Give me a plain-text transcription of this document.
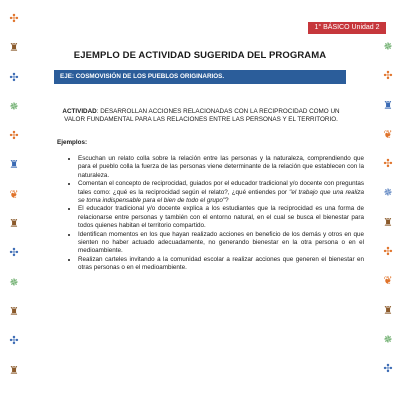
1° BÁSICO Unidad 2
✣
♜
✣
✵
✣
♜
❦
♜
✣
✵
♜
✣
♜
✵
✣
♜
❦
✣
✵
♜
✣
❦
♜
✵
✣
EJEMPLO DE ACTIVIDAD SUGERIDA DEL PROGRAMA
EJE: COSMOVISIÓN DE LOS PUEBLOS ORIGINARIOS.
ACTIVIDAD: DESARROLLAN ACCIONES RELACIONADAS CON LA RECIPROCIDAD COMO UN VALOR FUNDAMENTAL PARA LAS RELACIONES ENTRE LAS PERSONAS Y EL TERRITORIO.
Ejemplos:
• Escuchan un relato colla sobre la relación entre las personas y la naturaleza, comprendiendo que para el pueblo colla la fuerza de las personas viene determinante de la relación que establecen con la naturaleza.
• Comentan el concepto de reciprocidad, guiados por el educador tradicional y/o docente con preguntas tales como: ¿qué es la reciprocidad según el relato?, ¿qué entiendes por "el trabajo que una realiza se torna indispensable para el bien de todo el grupo"?
• El educador tradicional y/o docente explica a los estudiantes que la reciprocidad es una forma de relacionarse entre personas y también con el entorno natural, en el cual se busca el bienestar para todos quienes habitan el territorio compartido.
• Identifican momentos en los que hayan realizado acciones en beneficio de los demás y otros en que sienten no haber actuado adecuadamente, no generando bienestar en la otra persona o en el medioambiente.
• Realizan carteles invitando a la comunidad escolar a realizar acciones que generen el bienestar en otras personas o en el medioambiente.
